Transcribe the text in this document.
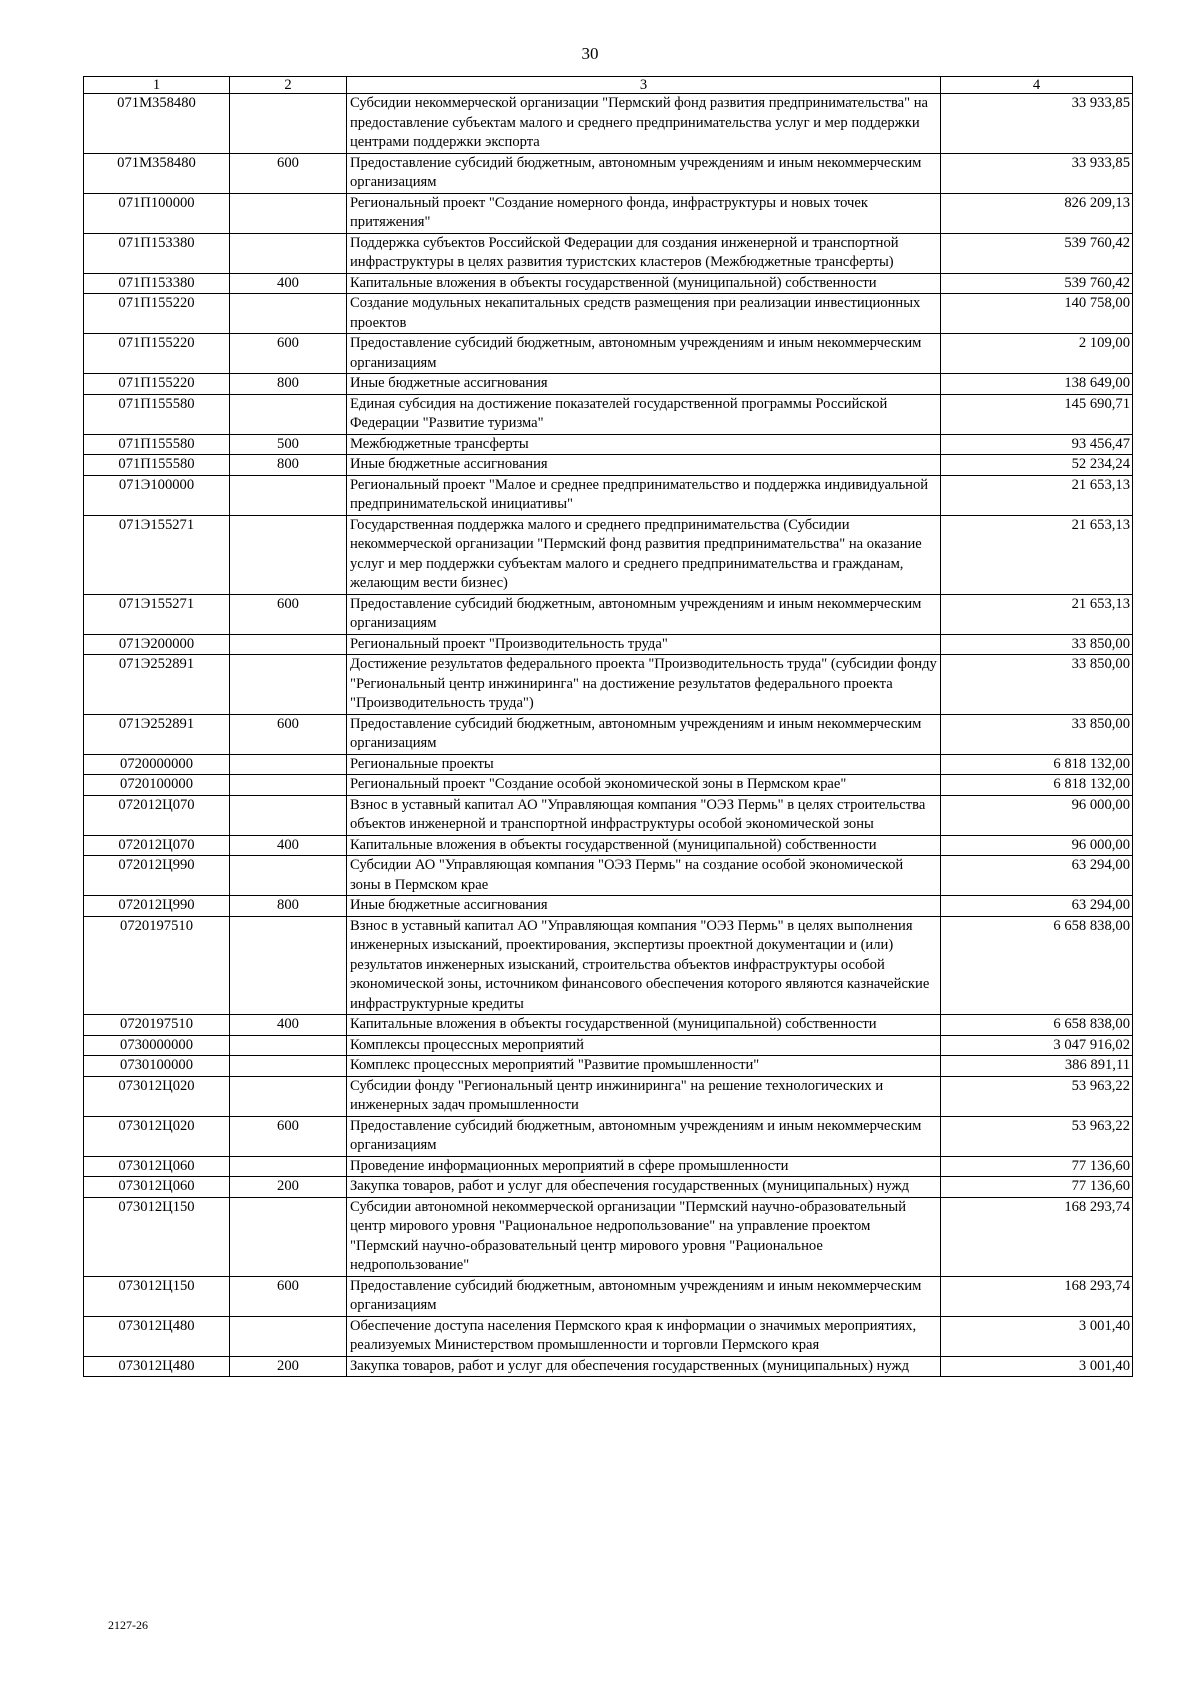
30
1	2	3	4
071М358480		Субсидии некоммерческой организации "Пермский фонд развития предпринимательства" на предоставление субъектам малого и среднего предпринимательства услуг и мер поддержки центрами поддержки экспорта	33 933,85
071М358480	600	Предоставление субсидий бюджетным, автономным учреждениям и иным некоммерческим организациям	33 933,85
071П100000		Региональный проект "Создание номерного фонда, инфраструктуры и новых точек притяжения"	826 209,13
071П153380		Поддержка субъектов Российской Федерации для создания инженерной и транспортной инфраструктуры в целях развития туристских кластеров (Межбюджетные трансферты)	539 760,42
071П153380	400	Капитальные вложения в объекты государственной (муниципальной) собственности	539 760,42
071П155220		Создание модульных некапитальных средств размещения при реализации инвестиционных проектов	140 758,00
071П155220	600	Предоставление субсидий бюджетным, автономным учреждениям и иным некоммерческим организациям	2 109,00
071П155220	800	Иные бюджетные ассигнования	138 649,00
071П155580		Единая субсидия на достижение показателей государственной программы Российской Федерации "Развитие туризма"	145 690,71
071П155580	500	Межбюджетные трансферты	93 456,47
071П155580	800	Иные бюджетные ассигнования	52 234,24
071Э100000		Региональный проект "Малое и среднее предпринимательство и поддержка индивидуальной предпринимательской инициативы"	21 653,13
071Э155271		Государственная поддержка малого и среднего предпринимательства (Субсидии некоммерческой организации "Пермский фонд развития предпринимательства" на оказание услуг и мер поддержки субъектам малого и среднего предпринимательства и гражданам, желающим вести бизнес)	21 653,13
071Э155271	600	Предоставление субсидий бюджетным, автономным учреждениям и иным некоммерческим организациям	21 653,13
071Э200000		Региональный проект "Производительность труда"	33 850,00
071Э252891		Достижение результатов федерального проекта "Производительность труда" (субсидии фонду "Региональный центр инжиниринга" на достижение результатов федерального проекта "Производительность труда")	33 850,00
071Э252891	600	Предоставление субсидий бюджетным, автономным учреждениям и иным некоммерческим организациям	33 850,00
0720000000		Региональные проекты	6 818 132,00
0720100000		Региональный проект "Создание особой экономической зоны в Пермском крае"	6 818 132,00
072012Ц070		Взнос в уставный капитал АО "Управляющая компания "ОЭЗ Пермь" в целях строительства объектов инженерной и транспортной инфраструктуры особой экономической зоны	96 000,00
072012Ц070	400	Капитальные вложения в объекты государственной (муниципальной) собственности	96 000,00
072012Ц990		Субсидии АО "Управляющая компания "ОЭЗ Пермь" на создание особой экономической зоны в Пермском крае	63 294,00
072012Ц990	800	Иные бюджетные ассигнования	63 294,00
0720197510		Взнос в уставный капитал АО "Управляющая компания "ОЭЗ Пермь" в целях выполнения инженерных изысканий, проектирования, экспертизы проектной документации и (или) результатов инженерных изысканий, строительства объектов инфраструктуры особой экономической зоны, источником финансового обеспечения которого являются казначейские инфраструктурные кредиты	6 658 838,00
0720197510	400	Капитальные вложения в объекты государственной (муниципальной) собственности	6 658 838,00
0730000000		Комплексы процессных мероприятий	3 047 916,02
0730100000		Комплекс процессных мероприятий "Развитие промышленности"	386 891,11
073012Ц020		Субсидии фонду "Региональный центр инжиниринга" на решение технологических и инженерных задач промышленности	53 963,22
073012Ц020	600	Предоставление субсидий бюджетным, автономным учреждениям и иным некоммерческим организациям	53 963,22
073012Ц060		Проведение информационных мероприятий в сфере промышленности	77 136,60
073012Ц060	200	Закупка товаров, работ и услуг для обеспечения государственных (муниципальных) нужд	77 136,60
073012Ц150		Субсидии автономной некоммерческой организации "Пермский научно-образовательный центр мирового уровня "Рациональное недропользование" на управление проектом "Пермский научно-образовательный центр мирового уровня "Рациональное недропользование"	168 293,74
073012Ц150	600	Предоставление субсидий бюджетным, автономным учреждениям и иным некоммерческим организациям	168 293,74
073012Ц480		Обеспечение доступа населения Пермского края к информации о значимых мероприятиях, реализуемых Министерством промышленности и торговли Пермского края	3 001,40
073012Ц480	200	Закупка товаров, работ и услуг для обеспечения государственных (муниципальных) нужд	3 001,40
2127-26
